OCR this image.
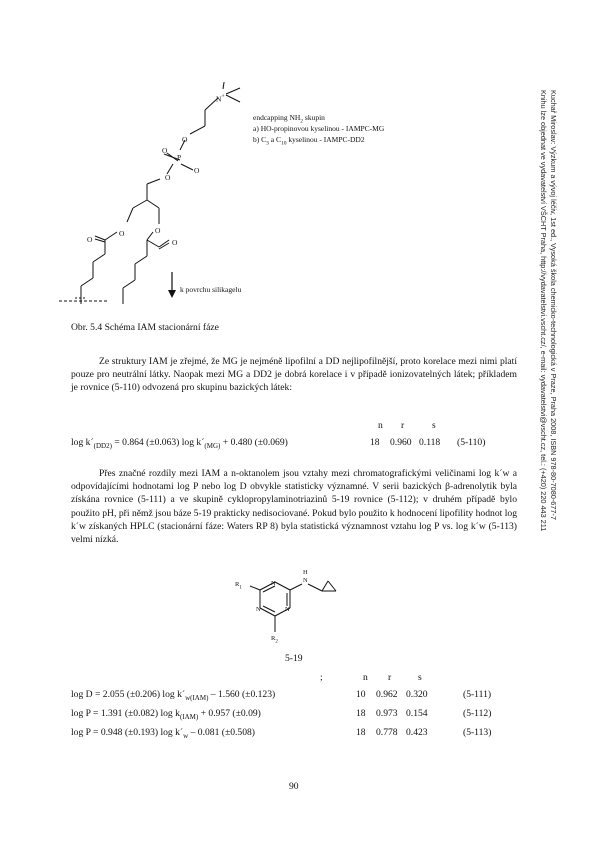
Kuchař Miroslav: Výzkum a vývoj léčiv, 1st ed., Vysoká škola chemicko-technologická v Praze, Praha 2008, ISBN 978-80-7080-677-7
Knihu lze objednat ve vydavatelství VŠCHT Praha, http://vydavatelstvi.vscht.cz/, e-mail: vydavatelstvi@vscht.cz, tel.: (+420) 220 443 211
N+
O
P
O
O
O
O	O
O	O
endcapping $NH_2$ skupin
a) HO-propinovou kyselinou - IAMPC-MG
b) $C_3$ a $C_{10}$ kyselinou - IAMPC-DD2
k povrchu silikagelu
Obr. 5.4 Schéma IAM stacionární fáze

Ze struktury IAM je zřejmé, že MG je nejméně lipofilní a DD nejlipofilnější, proto korelace mezi nimi platí pouze pro neutrální látky. Naopak mezi MG a DD2 je dobrá korelace i v případě ionizovatelných látek; příkladem je rovnice (5-110) odvozená pro skupinu bazických látek:

n r	s
$\log k´_{(DD2)} = 0.864$ (±0.063) $\log k´_{(MG)} + 0.480$ (±0.069)	18 0.960 0.118 (5-110)

Přes značné rozdíly mezi IAM a n-oktanolem jsou vztahy mezi chromatografickými veličinami log k´w a odpovídajícími hodnotami log P nebo log D obvykle statisticky významné. V serii bazických β-adrenolytik byla získána rovnice (5-111) a ve skupině cyklopropylaminotriazinů 5-19 rovnice (5-112); v druhém případě bylo použito pH, při němž jsou báze 5-19 prakticky nedisociované. Pokud bylo použito k hodnocení lipofility hodnot log k´w získaných HPLC (stacionární fáze: Waters RP 8) byla statistická významnost vztahu log P vs. log k´w (5-113) velmi nízká.

$R_1$
N	N
H
N	N
$R_2$
5-19
;	n r	s
log D = 2.055 (±0.206) $\log k´_{w(IAM)} - 1.560$ (±0.123)	10 0.962 0.320	(5-111)
log P = 1.391 (±0.082) $\log k_{(IAM)} + 0.957$ (±0.09)	18 0.973 0.154	(5-112)
log P = 0.948 (±0.193) $\log k´_w - 0.081$ (±0.508)	18 0.778 0.423	(5-113)
90
